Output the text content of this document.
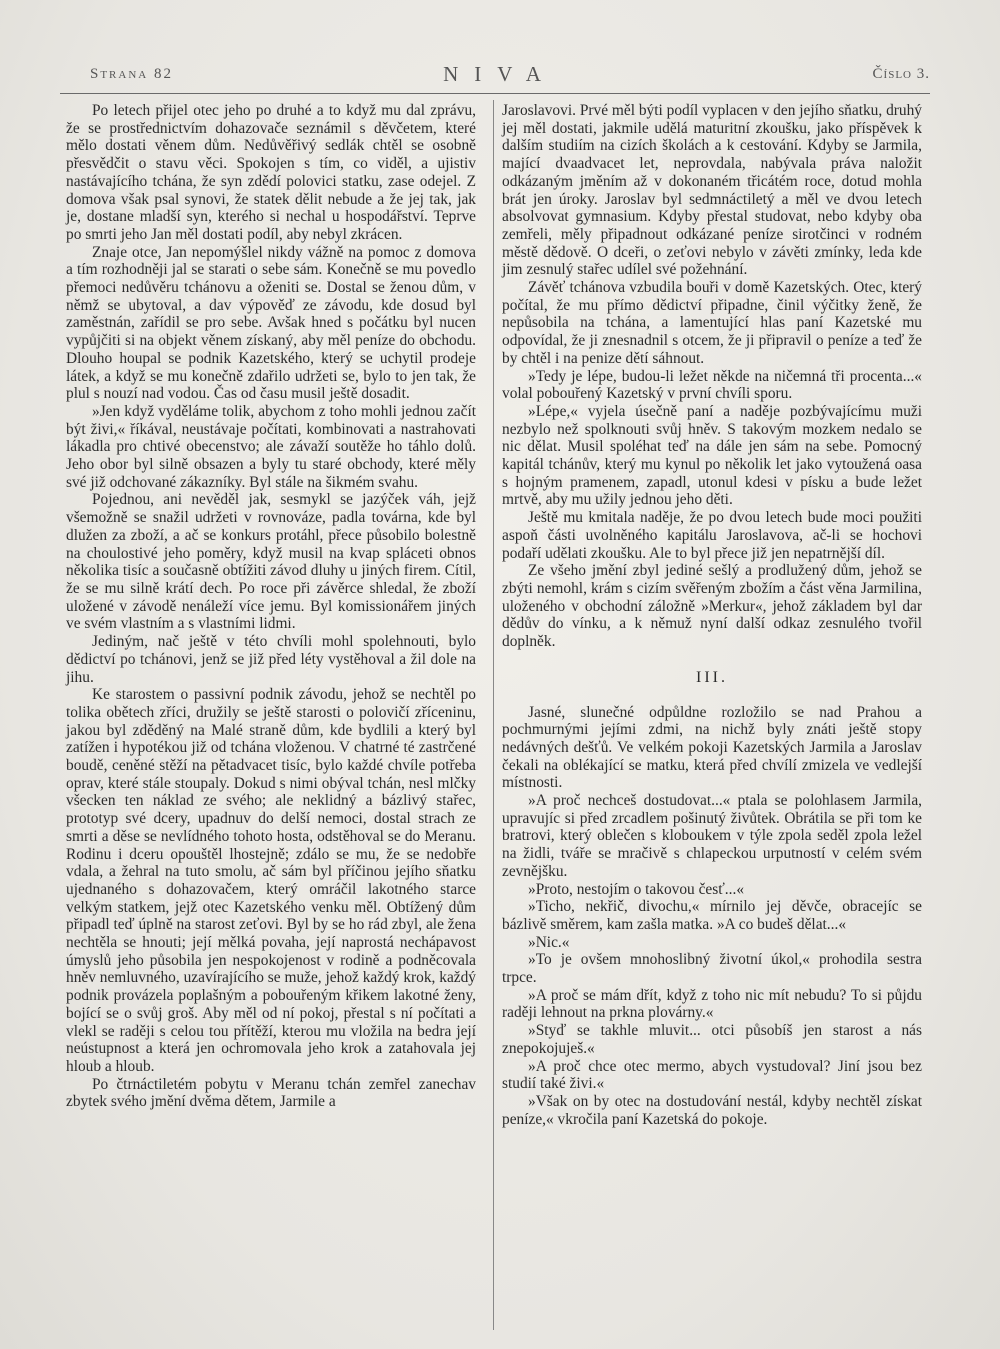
Strana 82	NIVA	Číslo 3.

Po letech přijel otec jeho po druhé a to když mu dal zprávu, že se prostřednictvím dohazovače seznámil s děvčetem, které mělo dostati věnem dům. Nedůvěřivý sedlák chtěl se osobně přesvědčit o stavu věci. Spokojen s tím, co viděl, a ujistiv nastávajícího tchána, že syn zdědí polovici statku, zase odejel. Z domova však psal synovi, že statek dělit nebude a že jej tak, jak je, dostane mladší syn, kterého si nechal u hospodářství. Teprve po smrti jeho Jan měl dostati podíl, aby nebyl zkrácen.

Znaje otce, Jan nepomýšlel nikdy vážně na pomoc z domova a tím rozhodněji jal se starati o sebe sám. Konečně se mu povedlo přemoci nedůvěru tchánovu a oženiti se. Dostal se ženou dům, v němž se ubytoval, a dav výpověď ze závodu, kde dosud byl zaměstnán, zařídil se pro sebe. Avšak hned s počátku byl nucen vypůjčiti si na objekt věnem získaný, aby měl peníze do obchodu. Dlouho houpal se podnik Kazetského, který se uchytil prodeje látek, a když se mu konečně zdařilo udržeti se, bylo to jen tak, že plul s nouzí nad vodou. Čas od času musil ještě dosadit.

»Jen když vyděláme tolik, abychom z toho mohli jednou začít být živi,« říkával, neustávaje počítati, kombinovati a nastrahovati lákadla pro chtivé obecenstvo; ale závaží soutěže ho táhlo dolů. Jeho obor byl silně obsazen a byly tu staré obchody, které měly své již odchované zákazníky. Byl stále na šikmém svahu.

Pojednou, ani nevěděl jak, sesmykl se jazýček váh, jejž všemožně se snažil udržeti v rovnováze, padla továrna, kde byl dlužen za zboží, a ač se konkurs protáhl, přece působilo bolestně na choulostivé jeho poměry, když musil na kvap spláceti obnos několika tisíc a současně obtížiti závod dluhy u jiných firem. Cítil, že se mu silně krátí dech. Po roce při závěrce shledal, že zboží uložené v závodě nenáleží více jemu. Byl komissionářem jiných ve svém vlastním a s vlastními lidmi.

Jediným, nač ještě v této chvíli mohl spolehnouti, bylo dědictví po tchánovi, jenž se již před léty vystěhoval a žil dole na jihu.

Ke starostem o passivní podnik závodu, jehož se nechtěl po tolika obětech zříci, družily se ještě starosti o polovičí zříceninu, jakou byl zděděný na Malé straně dům, kde bydlili a který byl zatížen i hypotékou již od tchána vloženou. V chatrné té zastrčené boudě, ceněné stěží na pětadvacet tisíc, bylo každé chvíle potřeba oprav, které stále stoupaly. Dokud s nimi obýval tchán, nesl mlčky všecken ten náklad ze svého; ale neklidný a bázlivý stařec, prototyp své dcery, upadnuv do delší nemoci, dostal strach ze smrti a děse se nevlídného tohoto hosta, odstěhoval se do Meranu. Rodinu i dceru opouštěl lhostejně; zdálo se mu, že se nedobře vdala, a žehral na tuto smolu, ač sám byl příčinou jejího sňatku ujednaného s dohazovačem, který omráčil lakotného starce velkým statkem, jejž otec Kazetského venku měl. Obtížený dům připadl teď úplně na starost zeťovi. Byl by se ho rád zbyl, ale žena nechtěla se hnouti; její mělká povaha, její naprostá nechápavost úmyslů jeho působila jen nespokojenost v rodině a podněcovala hněv nemluvného, uzavírajícího se muže, jehož každý krok, každý podnik provázela poplašným a pobouřeným křikem lakotné ženy, bojící se o svůj groš. Aby měl od ní pokoj, přestal s ní počítati a vlekl se raději s celou tou přítěží, kterou mu vložila na bedra její neústupnost a která jen ochromovala jeho krok a zatahovala jej hloub a hloub.

Po čtrnáctiletém pobytu v Meranu tchán zemřel zanechav zbytek svého jmění dvěma dětem, Jarmile a

Jaroslavovi. Prvé měl býti podíl vyplacen v den jejího sňatku, druhý jej měl dostati, jakmile udělá maturitní zkoušku, jako příspěvek k dalším studiím na cizích školách a k cestování. Kdyby se Jarmila, mající dvaadvacet let, neprovdala, nabývala práva naložit odkázaným jměním až v dokonaném třicátém roce, dotud mohla brát jen úroky. Jaroslav byl sedmnáctiletý a měl ve dvou letech absolvovat gymnasium. Kdyby přestal studovat, nebo kdyby oba zemřeli, měly připadnout odkázané peníze sirotčinci v rodném městě dědově. O dceři, o zeťovi nebylo v závěti zmínky, leda kde jim zesnulý stařec udílel své požehnání.

Závěť tchánova vzbudila bouři v domě Kazetských. Otec, který počítal, že mu přímo dědictví připadne, činil výčitky ženě, že nepůsobila na tchána, a lamentující hlas paní Kazetské mu odpovídal, že ji znesnadnil s otcem, že ji připravil o peníze a teď že by chtěl i na penize dětí sáhnout.

»Tedy je lépe, budou-li ležet někde na ničemná tři procenta...« volal pobouřený Kazetský v první chvíli sporu.

»Lépe,« vyjela úsečně paní a naděje pozbývajícímu muži nezbylo než spolknouti svůj hněv. S takovým mozkem nedalo se nic dělat. Musil spoléhat teď na dále jen sám na sebe. Pomocný kapitál tchánův, který mu kynul po několik let jako vytoužená oasa s hojným pramenem, zapadl, utonul kdesi v písku a bude ležet mrtvě, aby mu užily jednou jeho děti.

Ještě mu kmitala naděje, že po dvou letech bude moci použiti aspoň části uvolněného kapitálu Jaroslavova, ač-li se hochovi podaří udělati zkoušku. Ale to byl přece již jen nepatrnější díl.

Ze všeho jmění zbyl jediné sešlý a prodlužený dům, jehož se zbýti nemohl, krám s cizím svěřeným zbožím a část věna Jarmilina, uloženého v obchodní záložně »Merkur«, jehož základem byl dar dědův do vínku, a k němuž nyní další odkaz zesnulého tvořil doplněk.

III.

Jasné, slunečné odpůldne rozložilo se nad Prahou a pochmurnými jejími zdmi, na nichž byly znáti ještě stopy nedávných dešťů. Ve velkém pokoji Kazetských Jarmila a Jaroslav čekali na oblékající se matku, která před chvílí zmizela ve vedlejší místnosti.

»A proč nechceš dostudovat...« ptala se polohlasem Jarmila, upravujíc si před zrcadlem pošinutý živůtek. Obrátila se při tom ke bratrovi, který oblečen s kloboukem v týle zpola seděl zpola ležel na židli, tváře se mračivě s chlapeckou urputností v celém svém zevnějšku.

»Proto, nestojím o takovou česť...«

»Ticho, nekřič, divochu,« mírnilo jej děvče, obracejíc se bázlivě směrem, kam zašla matka. »A co budeš dělat...«

»Nic.«

»To je ovšem mnohoslibný životní úkol,« prohodila sestra trpce.

»A proč se mám dřít, když z toho nic mít nebudu? To si půjdu raději lehnout na prkna plovárny.«

»Styď se takhle mluvit... otci působíš jen starost a nás znepokojuješ.«

»A proč chce otec mermo, abych vystudoval? Jiní jsou bez studií také živi.«

»Však on by otec na dostudování nestál, kdyby nechtěl získat peníze,« vkročila paní Kazetská do pokoje.
